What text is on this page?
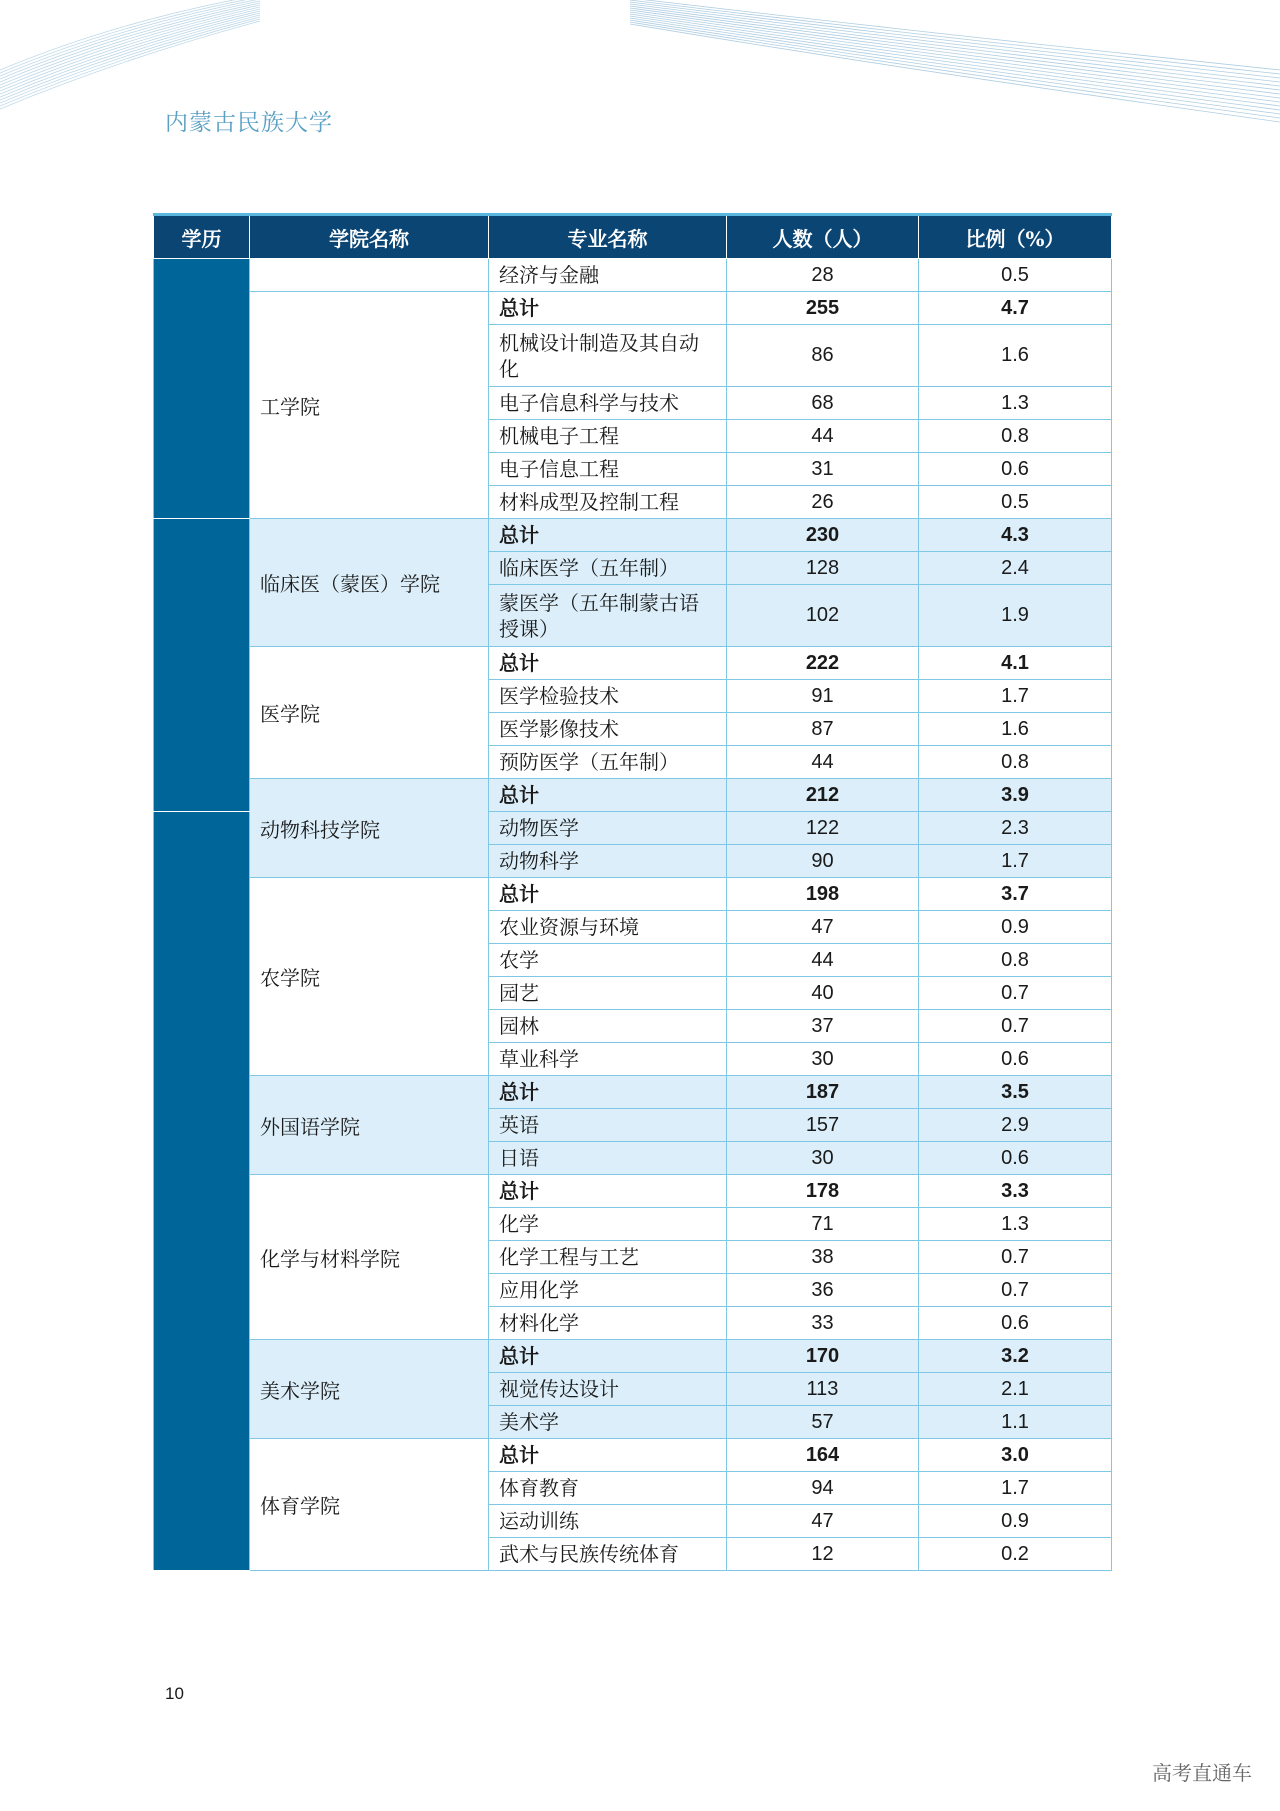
内蒙古民族大学
学历	学院名称	专业名称	人数（人）	比例（%）
		经济与金融	28	0.5
	工学院	总计	255	4.7
		机械设计制造及其自动化	86	1.6
		电子信息科学与技术	68	1.3
		机械电子工程	44	0.8
		电子信息工程	31	0.6
		材料成型及控制工程	26	0.5
	临床医（蒙医）学院	总计	230	4.3
		临床医学（五年制）	128	2.4
		蒙医学（五年制蒙古语授课）	102	1.9
	医学院	总计	222	4.1
		医学检验技术	91	1.7
		医学影像技术	87	1.6
		预防医学（五年制）	44	0.8
	动物科技学院	总计	212	3.9
		动物医学	122	2.3
		动物科学	90	1.7
	农学院	总计	198	3.7
		农业资源与环境	47	0.9
		农学	44	0.8
		园艺	40	0.7
		园林	37	0.7
		草业科学	30	0.6
	外国语学院	总计	187	3.5
		英语	157	2.9
		日语	30	0.6
	化学与材料学院	总计	178	3.3
		化学	71	1.3
		化学工程与工艺	38	0.7
		应用化学	36	0.7
		材料化学	33	0.6
	美术学院	总计	170	3.2
		视觉传达设计	113	2.1
		美术学	57	1.1
	体育学院	总计	164	3.0
		体育教育	94	1.7
		运动训练	47	0.9
		武术与民族传统体育	12	0.2
10
高考直通车
